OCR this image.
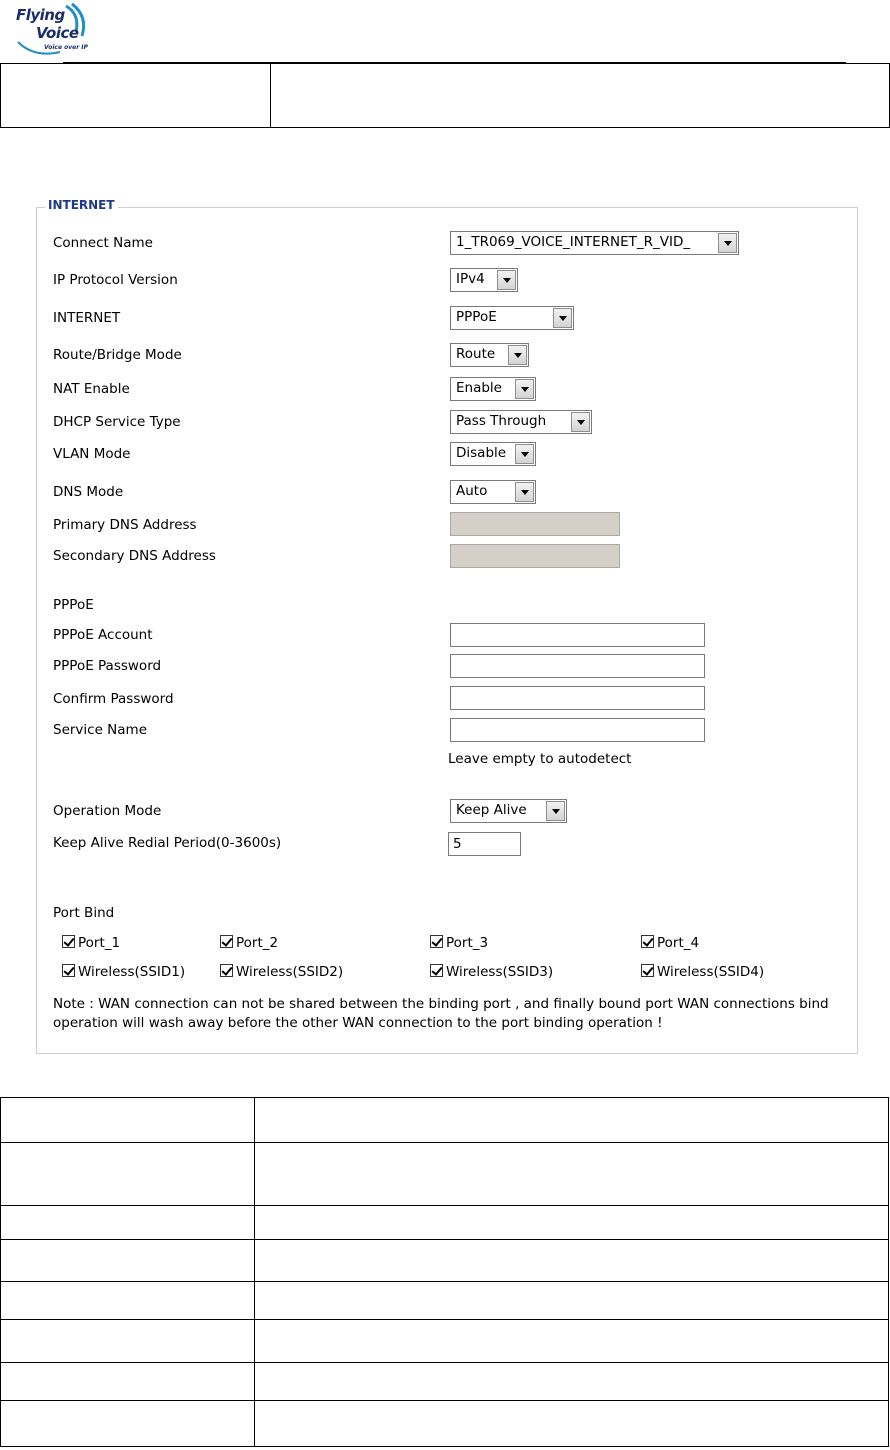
Flying
Voice
Voice over IP

INTERNET
Connect Name	1_TR069_VOICE_INTERNET_R_VID_
IP Protocol Version	IPv4
INTERNET	PPPoE
Route/Bridge Mode	Route
NAT Enable	Enable
DHCP Service Type	Pass Through
VLAN Mode	Disable
DNS Mode	Auto
Primary DNS Address
Secondary DNS Address
PPPoE
PPPoE Account
PPPoE Password
Confirm Password
Service Name
Leave empty to autodetect
Operation Mode	Keep Alive
Keep Alive Redial Period(0-3600s)	5
Port Bind
Port_1	Port_2	Port_3	Port_4
Wireless(SSID1)	Wireless(SSID2)	Wireless(SSID3)	Wireless(SSID4)
Note : WAN connection can not be shared between the binding port , and finally bound port WAN connections bind operation will wash away before the other WAN connection to the port binding operation !
